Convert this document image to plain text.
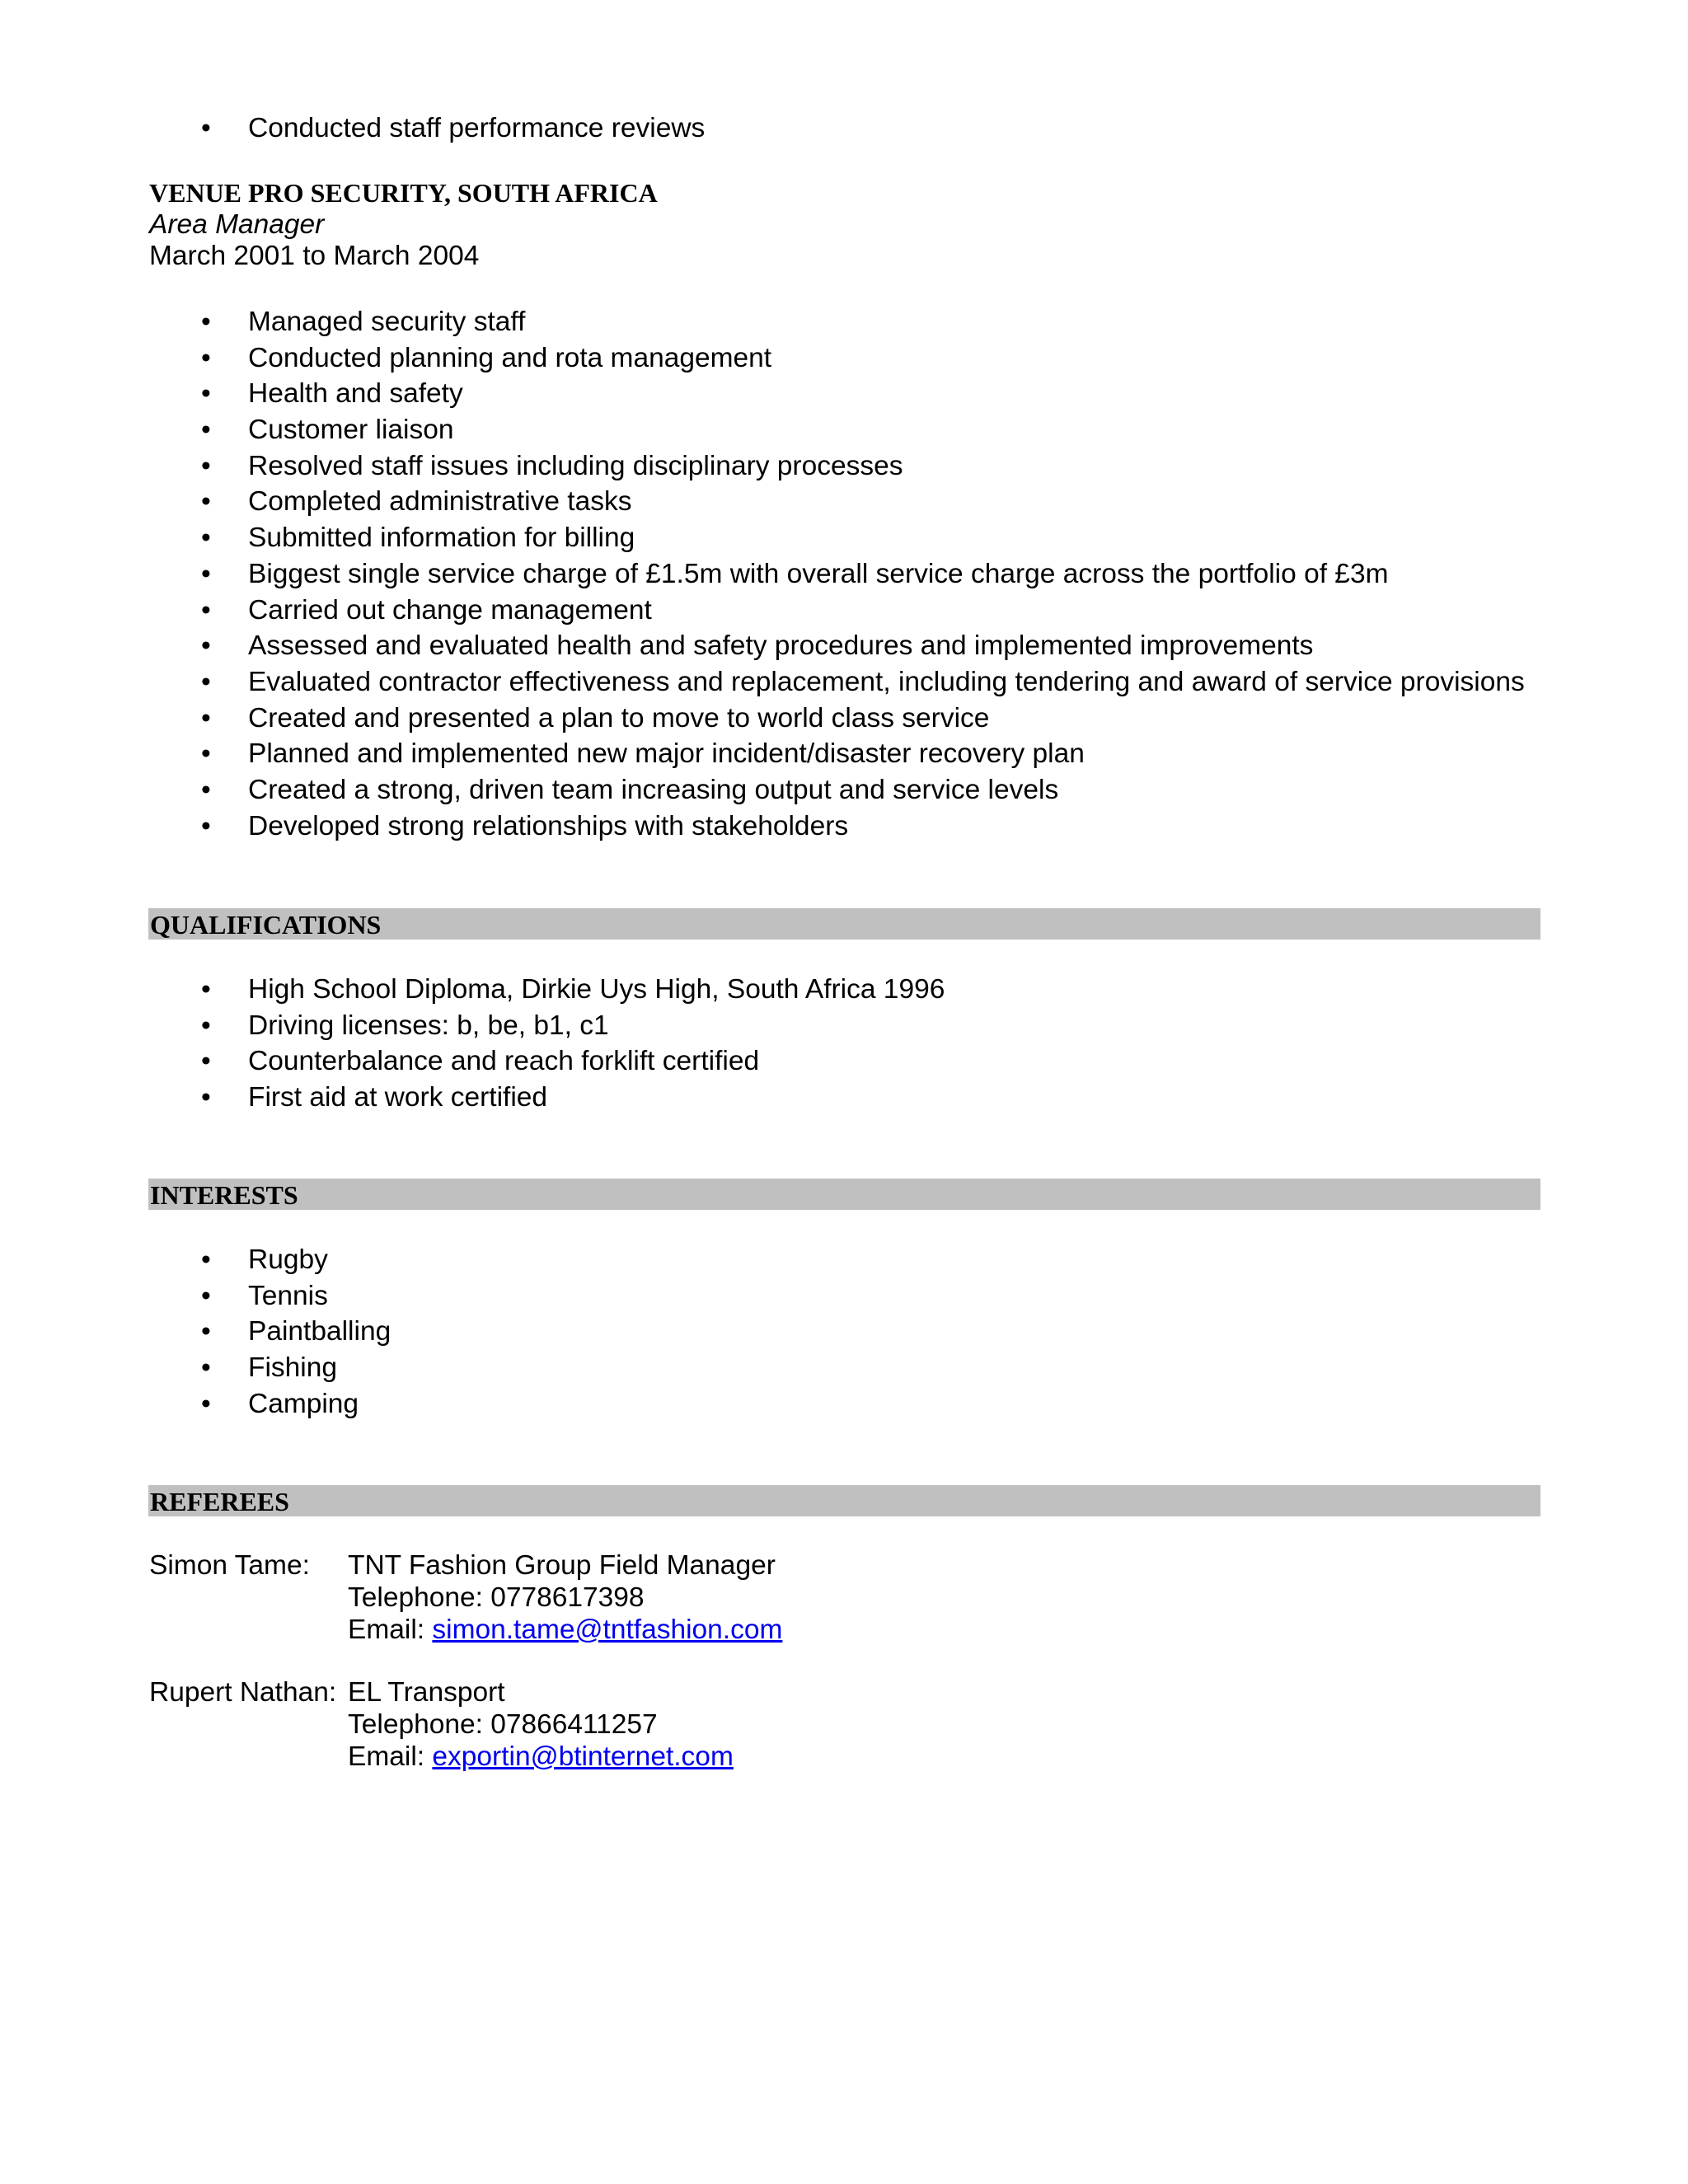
• Conducted staff performance reviews
VENUE PRO SECURITY, SOUTH AFRICA
Area Manager
March 2001 to March 2004
• Managed security staff
• Conducted planning and rota management
• Health and safety
• Customer liaison
• Resolved staff issues including disciplinary processes
• Completed administrative tasks
• Submitted information for billing
• Biggest single service charge of £1.5m with overall service charge across the portfolio of £3m
• Carried out change management
• Assessed and evaluated health and safety procedures and implemented improvements
• Evaluated contractor effectiveness and replacement, including tendering and award of service provisions
• Created and presented a plan to move to world class service
• Planned and implemented new major incident/disaster recovery plan
• Created a strong, driven team increasing output and service levels
• Developed strong relationships with stakeholders
QUALIFICATIONS
• High School Diploma, Dirkie Uys High, South Africa 1996
• Driving licenses: b, be, b1, c1
• Counterbalance and reach forklift certified
• First aid at work certified
INTERESTS
• Rugby
• Tennis
• Paintballing
• Fishing
• Camping
REFEREES
Simon Tame: TNT Fashion Group Field Manager
Telephone: 0778617398
Email: simon.tame@tntfashion.com
Rupert Nathan: EL Transport
Telephone: 07866411257
Email: exportin@btinternet.com
